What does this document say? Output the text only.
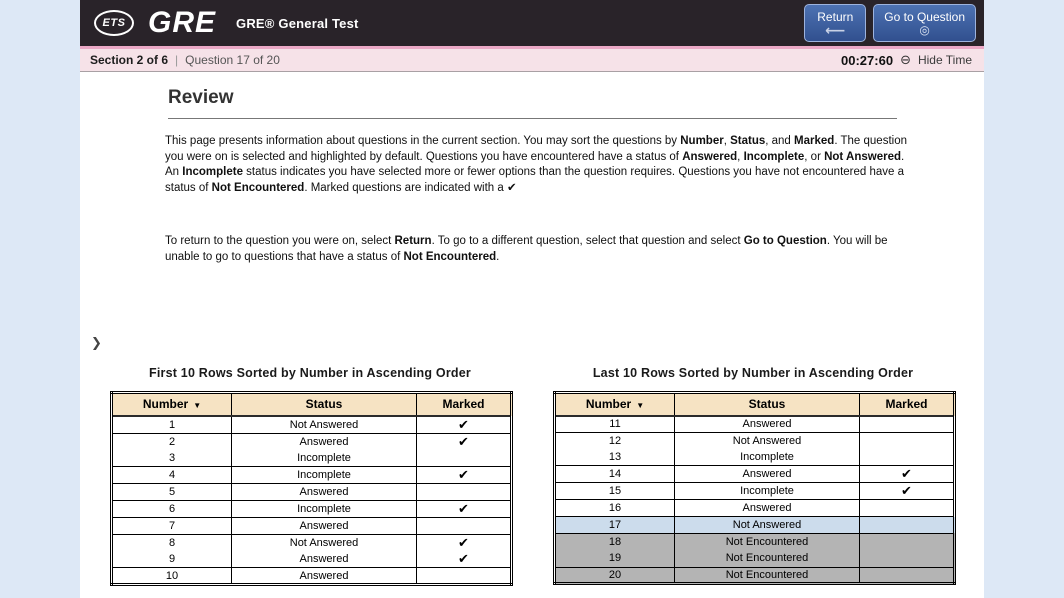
ETS GRE GRE® General Test	Return
⟵
Go to Question
◎
Section 2 of 6 | Question 17 of 20	00:27:60 ⊖ Hide Time
Review

This page presents information about questions in the current section. You may sort the questions by Number, Status, and Marked. The question you were on is selected and highlighted by default. Questions you have encountered have a status of Answered, Incomplete, or Not Answered. An Incomplete status indicates you have selected more or fewer options than the question requires. Questions you have not encountered have a status of Not Encountered. Marked questions are indicated with a ✔

To return to the question you were on, select Return. To go to a different question, select that question and select Go to Question. You will be unable to go to questions that have a status of Not Encountered.

❯
First 10 Rows Sorted by Number in Ascending Order
Number ▼	Status	Marked
1	Not Answered	✔
2	Answered	✔
3	Incomplete	
4	Incomplete	✔
5	Answered	
6	Incomplete	✔
7	Answered	
8	Not Answered	✔
9	Answered	✔
10	Answered	
Last 10 Rows Sorted by Number in Ascending Order
Number ▼	Status	Marked
11	Answered	
12	Not Answered	
13	Incomplete	
14	Answered	✔
15	Incomplete	✔
16	Answered	
17	Not Answered	
18	Not Encountered	
19	Not Encountered	
20	Not Encountered	
